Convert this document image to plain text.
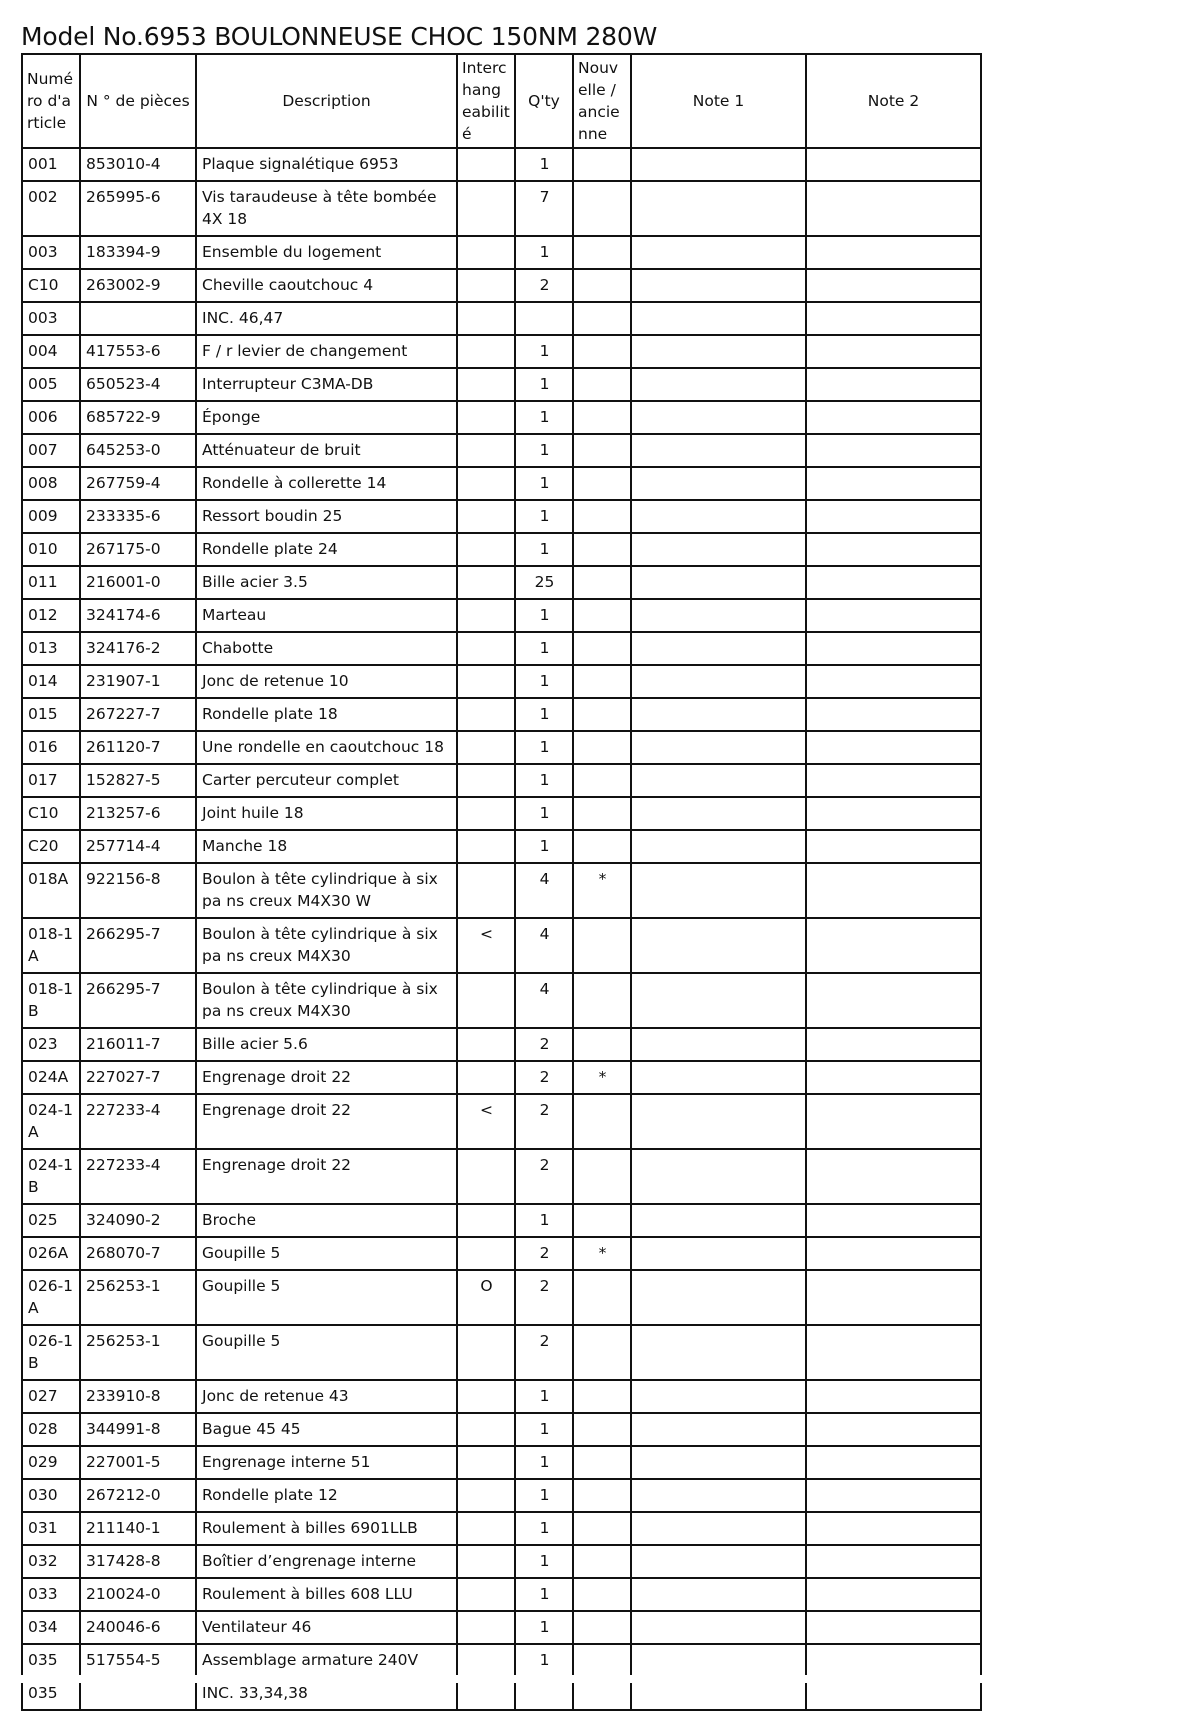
Model No.6953 BOULONNEUSE CHOC 150NM 280W
Numé ro d'a rticle	N ° de pièces	Description	Interc hang eabilit é	Q'ty	Nouv elle / ancie nne	Note 1	Note 2
001	853010-4	Plaque signalétique 6953		1			
002	265995-6	Vis taraudeuse à tête bombée 4X 18		7			
003	183394-9	Ensemble du logement		1			
C10	263002-9	Cheville caoutchouc 4		2			
003		INC. 46,47					
004	417553-6	F / r levier de changement		1			
005	650523-4	Interrupteur C3MA-DB		1			
006	685722-9	Éponge		1			
007	645253-0	Atténuateur de bruit		1			
008	267759-4	Rondelle à collerette 14		1			
009	233335-6	Ressort boudin 25		1			
010	267175-0	Rondelle plate 24		1			
011	216001-0	Bille acier 3.5		25			
012	324174-6	Marteau		1			
013	324176-2	Chabotte		1			
014	231907-1	Jonc de retenue 10		1			
015	267227-7	Rondelle plate 18		1			
016	261120-7	Une rondelle en caoutchouc 18		1			
017	152827-5	Carter percuteur complet		1			
C10	213257-6	Joint huile 18		1			
C20	257714-4	Manche 18		1			
018A	922156-8	Boulon à tête cylindrique à six pa ns creux M4X30 W		4	*		
018-1 A	266295-7	Boulon à tête cylindrique à six pa ns creux M4X30	<	4			
018-1 B	266295-7	Boulon à tête cylindrique à six pa ns creux M4X30		4			
023	216011-7	Bille acier 5.6		2			
024A	227027-7	Engrenage droit 22		2	*		
024-1 A	227233-4	Engrenage droit 22	<	2			
024-1 B	227233-4	Engrenage droit 22		2			
025	324090-2	Broche		1			
026A	268070-7	Goupille 5		2	*		
026-1 A	256253-1	Goupille 5	O	2			
026-1 B	256253-1	Goupille 5		2			
027	233910-8	Jonc de retenue 43		1			
028	344991-8	Bague 45 45		1			
029	227001-5	Engrenage interne 51		1			
030	267212-0	Rondelle plate 12		1			
031	211140-1	Roulement à billes 6901LLB		1			
032	317428-8	Boîtier d’engrenage interne		1			
033	210024-0	Roulement à billes 608 LLU		1			
034	240046-6	Ventilateur 46		1			
035	517554-5	Assemblage armature 240V		1			
035		INC. 33,34,38					
